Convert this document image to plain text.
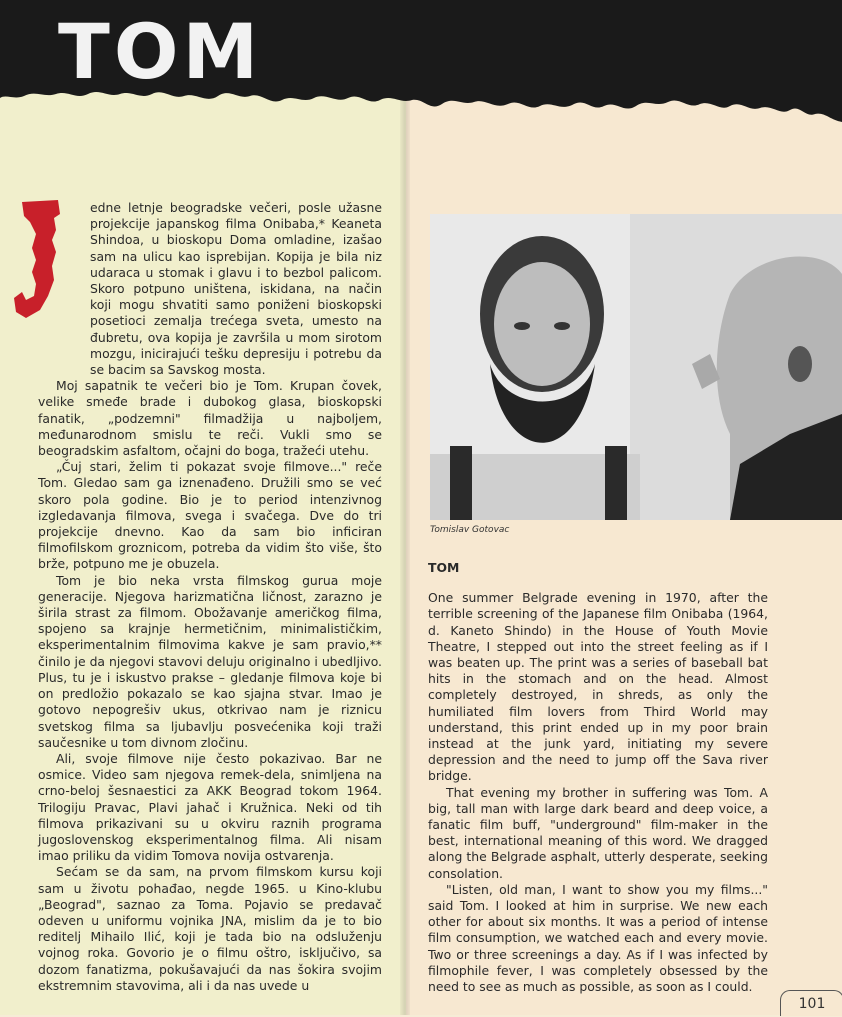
TOM

edne letnje beogradske večeri, posle užasne projekcije japanskog filma Onibaba,* Keaneta Shindoa, u bioskopu Doma omladine, izašao sam na ulicu kao isprebijan. Kopija je bila niz udaraca u stomak i glavu i to bezbol palicom. Skoro potpuno uništena, iskidana, na način koji mogu shvatiti samo poniženi bioskopski posetioci zemalja trećega sveta, umesto na đubretu, ova kopija je završila u mom sirotom mozgu, inicirajući tešku depresiju i potrebu da se bacim sa Savskog mosta.

Moj sapatnik te večeri bio je Tom. Krupan čovek, velike smeđe brade i dubokog glasa, bioskopski fanatik, „podzemni" filmadžija u najboljem, međunarodnom smislu te reči. Vukli smo se beogradskim asfaltom, očajni do boga, tražeći utehu.

„Čuj stari, želim ti pokazat svoje filmove..." reče Tom. Gledao sam ga iznenađeno. Družili smo se već skoro pola godine. Bio je to period intenzivnog izgledavanja filmova, svega i svačega. Dve do tri projekcije dnevno. Kao da sam bio inficiran filmofilskom groznicom, potreba da vidim što više, što brže, potpuno me je obuzela.

Tom je bio neka vrsta filmskog gurua moje generacije. Njegova harizmatična ličnost, zarazno je širila strast za filmom. Obožavanje američkog filma, spojeno sa krajnje hermetičnim, minimalističkim, eksperimentalnim filmovima kakve je sam pravio,** činilo je da njegovi stavovi deluju originalno i ubedljivo. Plus, tu je i iskustvo prakse – gledanje filmova koje bi on predložio pokazalo se kao sjajna stvar. Imao je gotovo nepogrešiv ukus, otkrivao nam je riznicu svetskog filma sa ljubavlju posvećenika koji traži saučesnike u tom divnom zločinu.

Ali, svoje filmove nije često pokazivao. Bar ne osmice. Video sam njegova remek-dela, snimljena na crno-beloj šesnaestici za AKK Beograd tokom 1964. Trilogiju Pravac, Plavi jahač i Kružnica. Neki od tih filmova prikazivani su u okviru raznih programa jugoslovenskog eksperimentalnog filma. Ali nisam imao priliku da vidim Tomova novija ostvarenja.

Sećam se da sam, na prvom filmskom kursu koji sam u životu pohađao, negde 1965. u Kino-klubu „Beograd", saznao za Toma. Pojavio se predavač odeven u uniformu vojnika JNA, mislim da je to bio reditelj Mihailo Ilić, koji je tada bio na odsluženju vojnog roka. Govorio je o filmu oštro, isključivo, sa dozom fanatizma, pokušavajući da nas šokira svojim ekstremnim stavovima, ali i da nas uvede u

Tomislav Gotovac
TOM

One summer Belgrade evening in 1970, after the terrible screening of the Japanese film Onibaba (1964, d. Kaneto Shindo) in the House of Youth Movie Theatre, I stepped out into the street feeling as if I was beaten up. The print was a series of baseball bat hits in the stomach and on the head. Almost completely destroyed, in shreds, as only the humiliated film lovers from Third World may understand, this print ended up in my poor brain instead at the junk yard, initiating my severe depression and the need to jump off the Sava river bridge.

That evening my brother in suffering was Tom. A big, tall man with large dark beard and deep voice, a fanatic film buff, "underground" film-maker in the best, international meaning of this word. We dragged along the Belgrade asphalt, utterly desperate, seeking consolation.

"Listen, old man, I want to show you my films..." said Tom. I looked at him in surprise. We new each other for about six months. It was a period of intense film consumption, we watched each and every movie. Two or three screenings a day. As if I was infected by filmophile fever, I was completely obsessed by the need to see as much as possible, as soon as I could.

101
